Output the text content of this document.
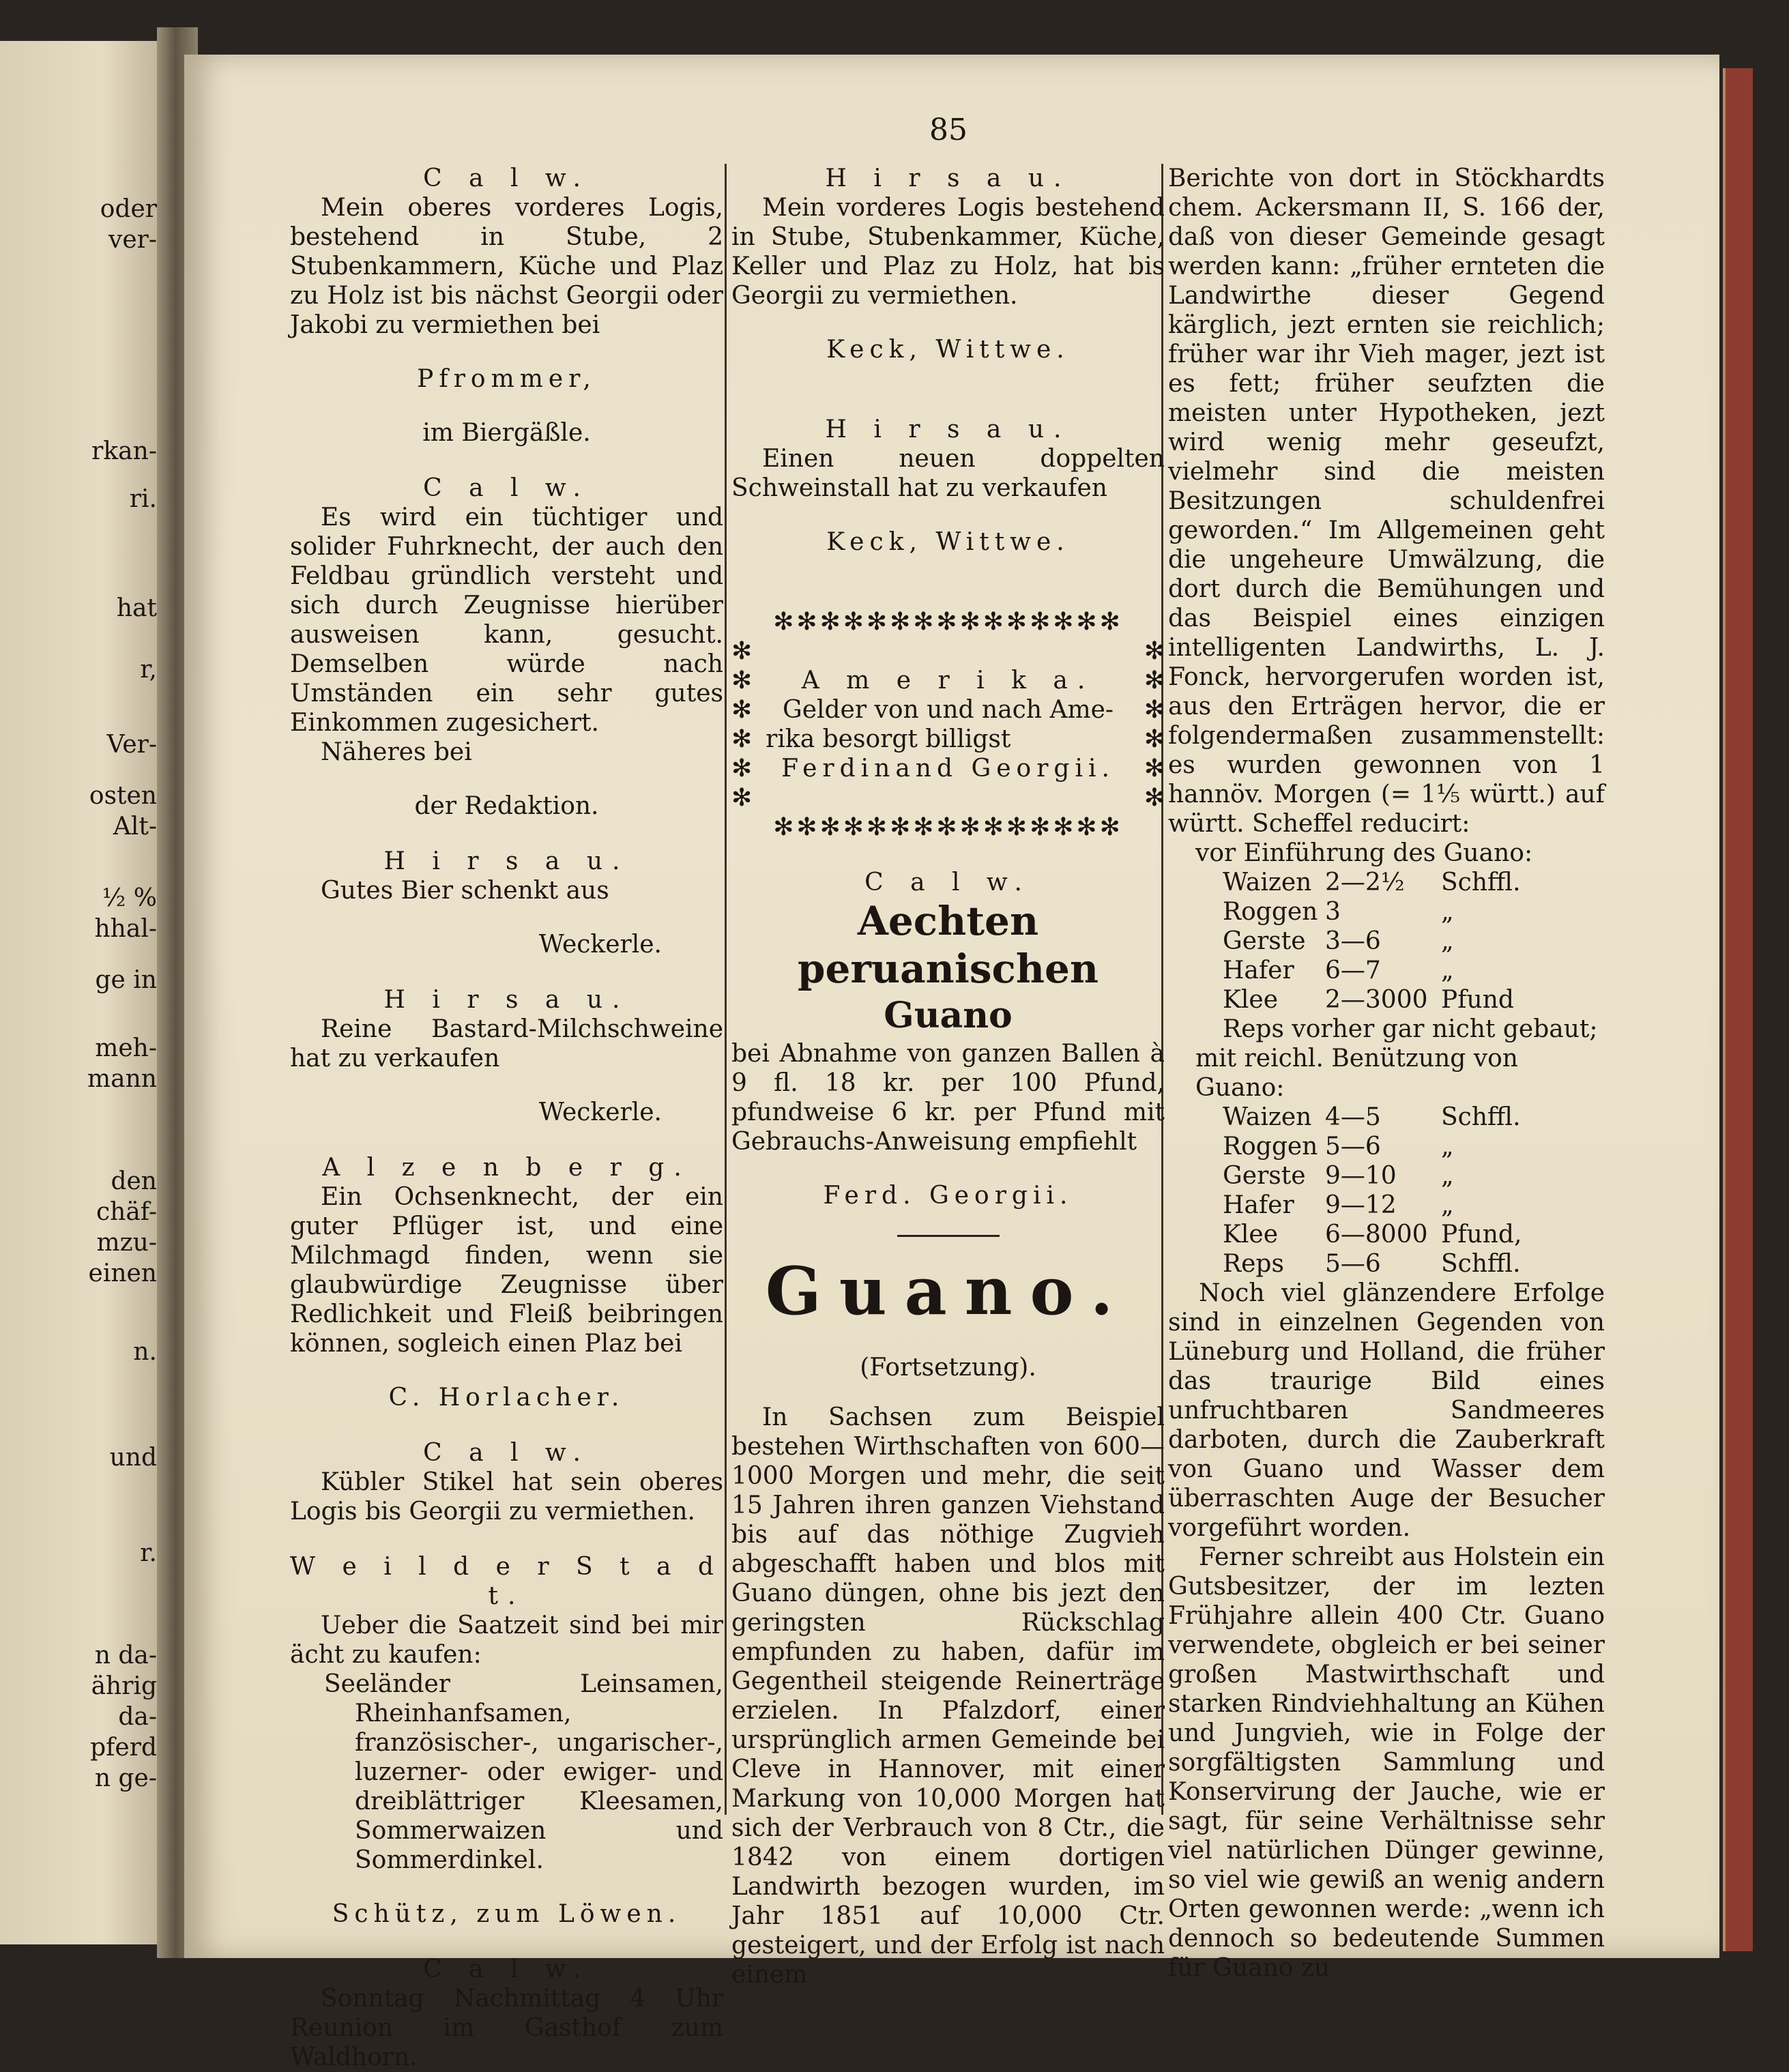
oder
ver-
rkan-
ri.
hat
r,
Ver-
osten
Alt-
½ %
hhal-
ge in
meh-
mann
den
chäf-
mzu-
einen
n.
und
r.
n da-
ährig
da-
pferd
n ge-
85

C a l w.

Mein oberes vorderes Logis, bestehend in Stube, 2 Stubenkammern, Küche und Plaz zu Holz ist bis nächst Georgii oder Jakobi zu vermiethen bei

Pfrommer,

im Biergäßle.

C a l w.

Es wird ein tüchtiger und solider Fuhrknecht, der auch den Feldbau gründlich versteht und sich durch Zeugnisse hierüber ausweisen kann, gesucht. Demselben würde nach Umständen ein sehr gutes Einkommen zugesichert.

Näheres bei

der Redaktion.

H i r s a u.

Gutes Bier schenkt aus

Weckerle.

H i r s a u.

Reine Bastard-Milchschweine hat zu verkaufen

Weckerle.

A l z e n b e r g.

Ein Ochsenknecht, der ein guter Pflüger ist, und eine Milchmagd finden, wenn sie glaubwürdige Zeugnisse über Redlichkeit und Fleiß beibringen können, sogleich einen Plaz bei

C. Horlacher.

C a l w.

Kübler Stikel hat sein oberes Logis bis Georgii zu vermiethen.

W e i l d e r S t a d t.

Ueber die Saatzeit sind bei mir ächt zu kaufen:

Seeländer Leinsamen, Rheinhanfsamen, französischer-, ungarischer-, luzerner- oder ewiger- und dreiblättriger Kleesamen, Sommerwaizen und Sommerdinkel.

Schütz, zum Löwen.

C a l w.

Sonntag Nachmittag 4 Uhr Reunion im Gasthof zum Waldhorn.

H i r s a u.

Mein vorderes Logis bestehend in Stube, Stubenkammer, Küche, Keller und Plaz zu Holz, hat bis Georgii zu vermiethen.

Keck, Wittwe.

H i r s a u.

Einen neuen doppelten Schweinstall hat zu verkaufen

Keck, Wittwe.

✻✻✻✻✻✻✻✻✻✻✻✻✻✻✻
✻	✻
✻	A m e r i k a.	✻
✻	Gelder von und nach Ame-	✻
✻ rika besorgt billigst	✻
✻	Ferdinand Georgii.	✻
✻	✻
✻✻✻✻✻✻✻✻✻✻✻✻✻✻✻

C a l w.

Aechten peruanischen
Guano

bei Abnahme von ganzen Ballen à 9 fl. 18 kr. per 100 Pfund, pfundweise 6 kr. per Pfund mit Gebrauchs-Anweisung empfiehlt

Ferd. Georgii.

Guano.

(Fortsetzung).

In Sachsen zum Beispiel bestehen Wirthschaften von 600—1000 Morgen und mehr, die seit 15 Jahren ihren ganzen Viehstand bis auf das nöthige Zugvieh abgeschafft haben und blos mit Guano düngen, ohne bis jezt den geringsten Rückschlag empfunden zu haben, dafür im Gegentheil steigende Reinerträge erzielen. In Pfalzdorf, einer ursprünglich armen Gemeinde bei Cleve in Hannover, mit einer Markung von 10,000 Morgen hat sich der Verbrauch von 8 Ctr., die 1842 von einem dortigen Landwirth bezogen wurden, im Jahr 1851 auf 10,000 Ctr. gesteigert, und der Erfolg ist nach einem

Berichte von dort in Stöckhardts chem. Ackersmann II, S. 166 der, daß von dieser Gemeinde gesagt werden kann: „früher ernteten die Landwirthe dieser Gegend kärglich, jezt ernten sie reichlich; früher war ihr Vieh mager, jezt ist es fett; früher seufzten die meisten unter Hypotheken, jezt wird wenig mehr geseufzt, vielmehr sind die meisten Besitzungen schuldenfrei geworden.“ Im Allgemeinen geht die ungeheure Umwälzung, die dort durch die Bemühungen und das Beispiel eines einzigen intelligenten Landwirths, L. J. Fonck, hervorgerufen worden ist, aus den Erträgen hervor, die er folgendermaßen zusammenstellt: es wurden gewonnen von 1 hannöv. Morgen (= 1⅕ württ.) auf württ. Scheffel reducirt:

vor Einführung des Guano:

Waizen 2—2½	Schffl.
Roggen 3	„
Gerste 3—6	„
Hafer	6—7	„
Klee	2—3000 Pfund
Reps vorher gar nicht gebaut;

mit reichl. Benützung von Guano:

Waizen 4—5	Schffl.
Roggen 5—6	„
Gerste 9—10	„
Hafer	9—12	„
Klee	6—8000 Pfund,
Reps	5—6	Schffl.

Noch viel glänzendere Erfolge sind in einzelnen Gegenden von Lüneburg und Holland, die früher das traurige Bild eines unfruchtbaren Sandmeeres darboten, durch die Zauberkraft von Guano und Wasser dem überraschten Auge der Besucher vorgeführt worden.

Ferner schreibt aus Holstein ein Gutsbesitzer, der im lezten Frühjahre allein 400 Ctr. Guano verwendete, obgleich er bei seiner großen Mastwirthschaft und starken Rindviehhaltung an Kühen und Jungvieh, wie in Folge der sorgfältigsten Sammlung und Konservirung der Jauche, wie er sagt, für seine Verhältnisse sehr viel natürlichen Dünger gewinne, so viel wie gewiß an wenig andern Orten gewonnen werde: „wenn ich dennoch so bedeutende Summen für Guano zu
